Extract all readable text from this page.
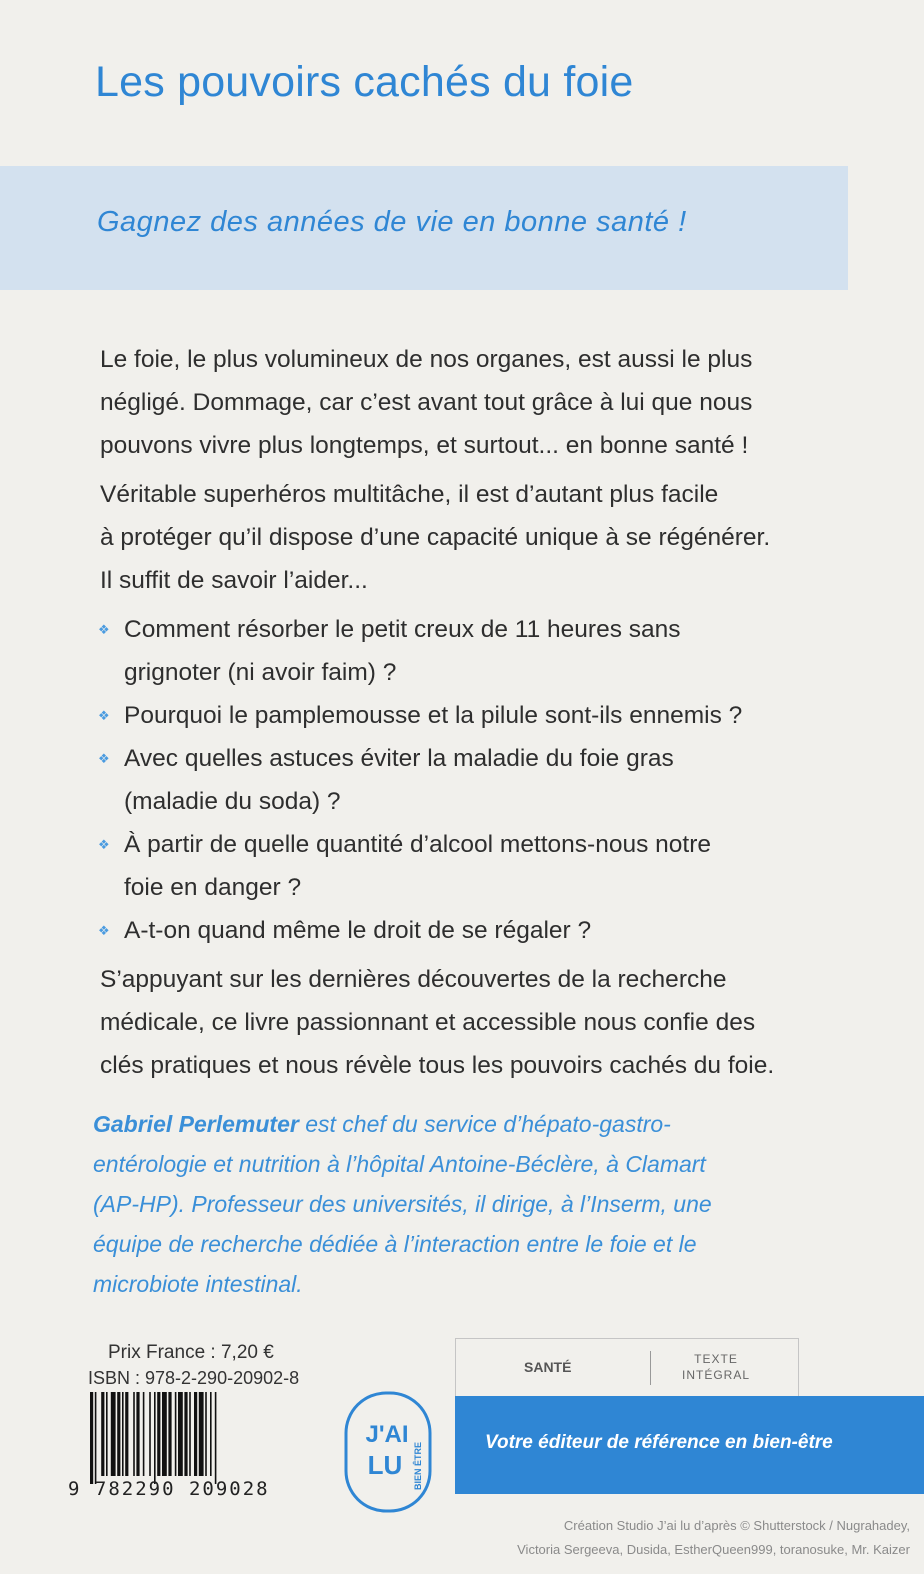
Les pouvoirs cachés du foie
Gagnez des années de vie en bonne santé !

Le foie, le plus volumineux de nos organes, est aussi le plus
négligé. Dommage, car c’est avant tout grâce à lui que nous
pouvons vivre plus longtemps, et surtout... en bonne santé !

Véritable superhéros multitâche, il est d’autant plus facile
à protéger qu’il dispose d’une capacité unique à se régénérer.
Il suffit de savoir l’aider...

❖ Comment résorber le petit creux de 11 heures sans
grignoter (ni avoir faim) ?
❖ Pourquoi le pamplemousse et la pilule sont-ils ennemis ?
❖ Avec quelles astuces éviter la maladie du foie gras
(maladie du soda) ?
❖ À partir de quelle quantité d’alcool mettons-nous notre
foie en danger ?
❖ A-t-on quand même le droit de se régaler ?

S’appuyant sur les dernières découvertes de la recherche
médicale, ce livre passionnant et accessible nous confie des
clés pratiques et nous révèle tous les pouvoirs cachés du foie.

Gabriel Perlemuter est chef du service d’hépato-gastro-
entérologie et nutrition à l’hôpital Antoine-Béclère, à Clamart
(AP-HP). Professeur des universités, il dirige, à l’Inserm, une
équipe de recherche dédiée à l’interaction entre le foie et le
microbiote intestinal.
Prix France : 7,20 €
ISBN : 978-2-290-20902-8
9 782290 209028
J'AI
LU BIEN ÊTRE
SANTÉ	TEXTE
INTÉGRAL
Votre éditeur de référence en bien-être
Création Studio J’ai lu d’après © Shutterstock / Nugrahadey,
Victoria Sergeeva, Dusida, EstherQueen999, toranosuke, Mr. Kaizer
